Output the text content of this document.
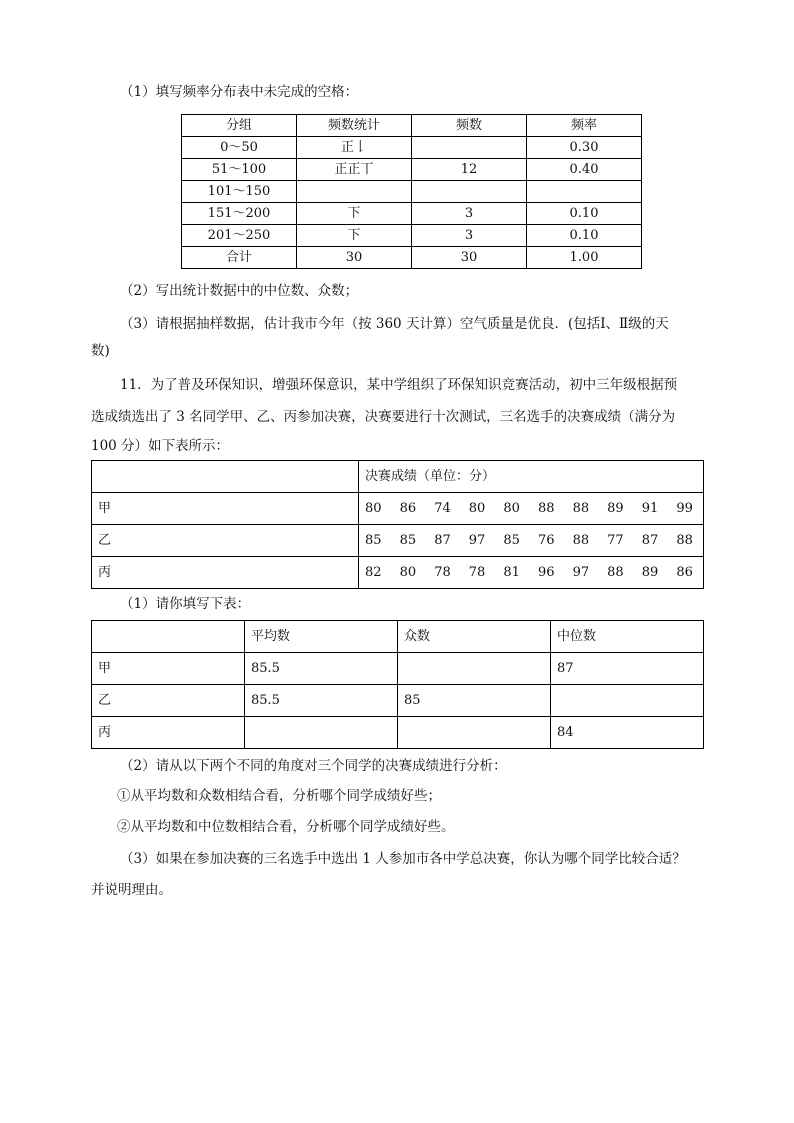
（1）填写频率分布表中未完成的空格：
分组	频数统计	频数	频率
0～50	正𠄌		0.30
51～100	正正丅	12	0.40
101～150			
151～200	下	3	0.10
201～250	下	3	0.10
合计	30	30	1.00
（2）写出统计数据中的中位数、众数；
（3）请根据抽样数据，估计我市今年（按 360 天计算）空气质量是优良．(包括Ⅰ、Ⅱ级的天
数)
11．为了普及环保知识，增强环保意识，某中学组织了环保知识竞赛活动，初中三年级根据预
选成绩选出了 3 名同学甲、乙、丙参加决赛，决赛要进行十次测试，三名选手的决赛成绩（满分为
100 分）如下表所示：
	决赛成绩（单位：分）
甲	80 86 74 80 80 88 88 89 91 99
乙	85 85 87 97 85 76 88 77 87 88
丙	82 80 78 78 81 96 97 88 89 86
（1）请你填写下表：
	平均数	众数	中位数
甲	85.5		87
乙	85.5	85	
丙			84
（2）请从以下两个不同的角度对三个同学的决赛成绩进行分析：
①从平均数和众数相结合看，分析哪个同学成绩好些；
②从平均数和中位数相结合看，分析哪个同学成绩好些。
（3）如果在参加决赛的三名选手中选出 1 人参加市各中学总决赛，你认为哪个同学比较合适？
并说明理由。
